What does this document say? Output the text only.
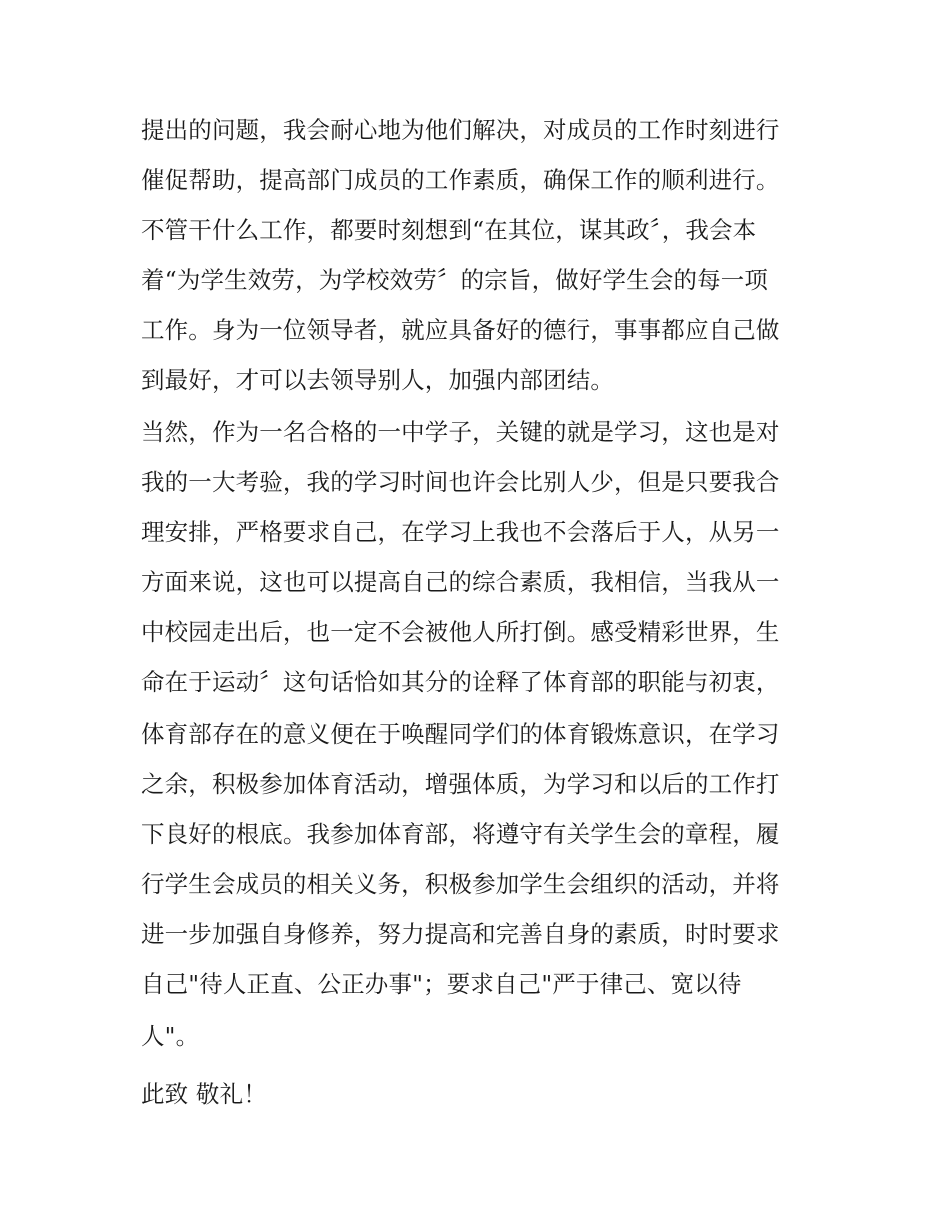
提出的问题，我会耐心地为他们解决，对成员的工作时刻进行
催促帮助，提高部门成员的工作素质，确保工作的顺利进行。
不管干什么工作，都要时刻想到“在其位，谋其政〞，我会本
着“为学生效劳，为学校效劳〞的宗旨，做好学生会的每一项
工作。身为一位领导者，就应具备好的德行，事事都应自己做
到最好，才可以去领导别人，加强内部团结。
当然，作为一名合格的一中学子，关键的就是学习，这也是对
我的一大考验，我的学习时间也许会比别人少，但是只要我合
理安排，严格要求自己，在学习上我也不会落后于人，从另一
方面来说，这也可以提高自己的综合素质，我相信，当我从一
中校园走出后，也一定不会被他人所打倒。感受精彩世界，生
命在于运动〞这句话恰如其分的诠释了体育部的职能与初衷，
体育部存在的意义便在于唤醒同学们的体育锻炼意识，在学习
之余，积极参加体育活动，增强体质，为学习和以后的工作打
下良好的根底。我参加体育部，将遵守有关学生会的章程，履
行学生会成员的相关义务，积极参加学生会组织的活动，并将
进一步加强自身修养，努力提高和完善自身的素质，时时要求
自己"待人正直、公正办事"；要求自己"严于律己、宽以待
人"。
此致 敬礼！
